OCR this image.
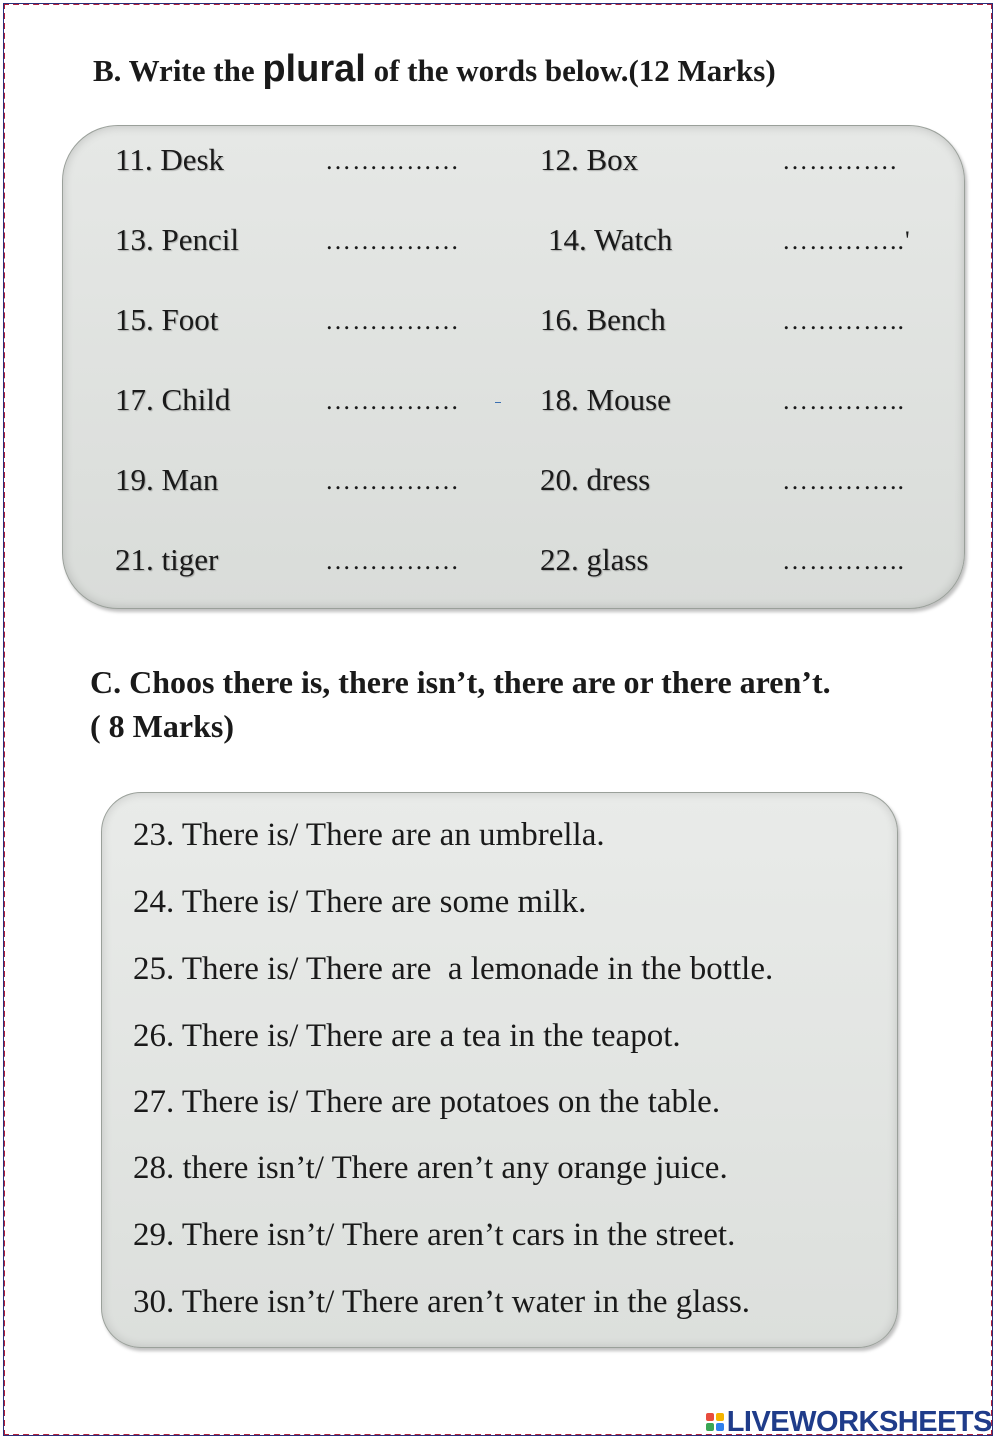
B. Write the plural of the words below.(12 Marks)
11. Desk	……………	12. Box	………….
13. Pencil	……………	14. Watch	…………..'
15. Foot	……………	16. Bench	…………..
17. Child	……………	18. Mouse	…………..
19. Man	……………	20. dress	…………..
21. tiger	……………	22. glass	…………..
C. Choos there is, there isn’t, there are or there aren’t.
( 8 Marks)
23. There is/ There are an umbrella.
24. There is/ There are some milk.
25. There is/ There are  a lemonade in the bottle.
26. There is/ There are a tea in the teapot.
27. There is/ There are potatoes on the table.
28. there isn’t/ There aren’t any orange juice.
29. There isn’t/ There aren’t cars in the street.
30. There isn’t/ There aren’t water in the glass.
LIVEWORKSHEETS
